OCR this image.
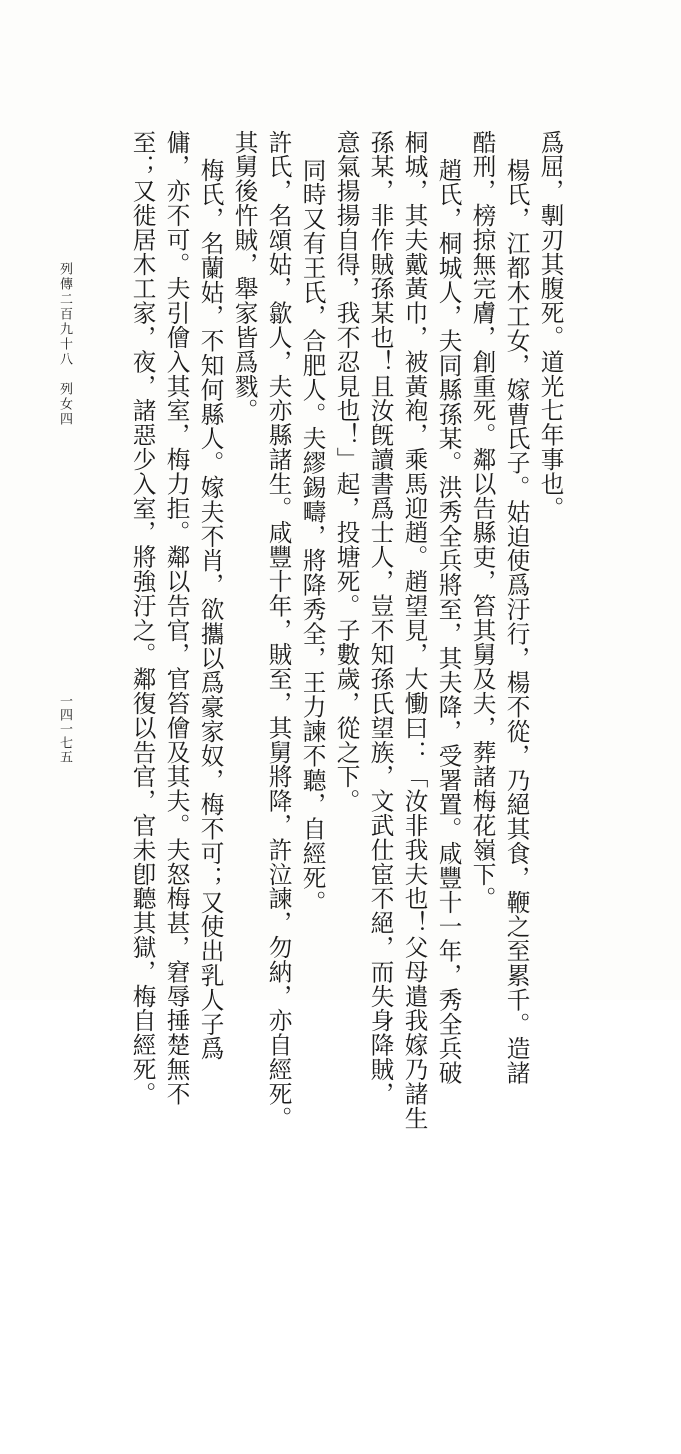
爲屈，剸刃其腹死。道光七年事也。
楊氏，江都木工女，嫁曹氏子。姑迫使爲汙行，楊不從，乃絕其食，鞭之至累千。造諸
酷刑，榜掠無完膚，創重死。鄰以告縣吏，笞其舅及夫，葬諸梅花嶺下。
趙氏，桐城人，夫同縣孫某。洪秀全兵將至，其夫降，受署置。咸豐十一年，秀全兵破
桐城，其夫戴黃巾，被黃袍，乘馬迎趙。趙望見，大慟曰：「汝非我夫也！父母遣我嫁乃諸生
孫某，非作賊孫某也！且汝旣讀書爲士人，豈不知孫氏望族，文武仕宦不絕，而失身降賊，
意氣揚揚自得，我不忍見也！」起，投塘死。子數歲，從之下。
同時又有王氏，合肥人。夫繆錫疇，將降秀全，王力諫不聽，自經死。
許氏，名頌姑，歙人，夫亦縣諸生。咸豐十年，賊至，其舅將降，許泣諫，勿納，亦自經死。
其舅後忤賊，舉家皆爲戮。
梅氏，名蘭姑，不知何縣人。嫁夫不肖，欲攜以爲豪家奴，梅不可；又使出乳人子爲
傭，亦不可。夫引儈入其室，梅力拒。鄰以告官，官笞儈及其夫。夫怒梅甚，窘辱捶楚無不
至；又徙居木工家，夜，諸惡少入室，將強汙之。鄰復以告官，官未卽聽其獄，梅自經死。
列傳二百九十八　列女四
一四一七五
